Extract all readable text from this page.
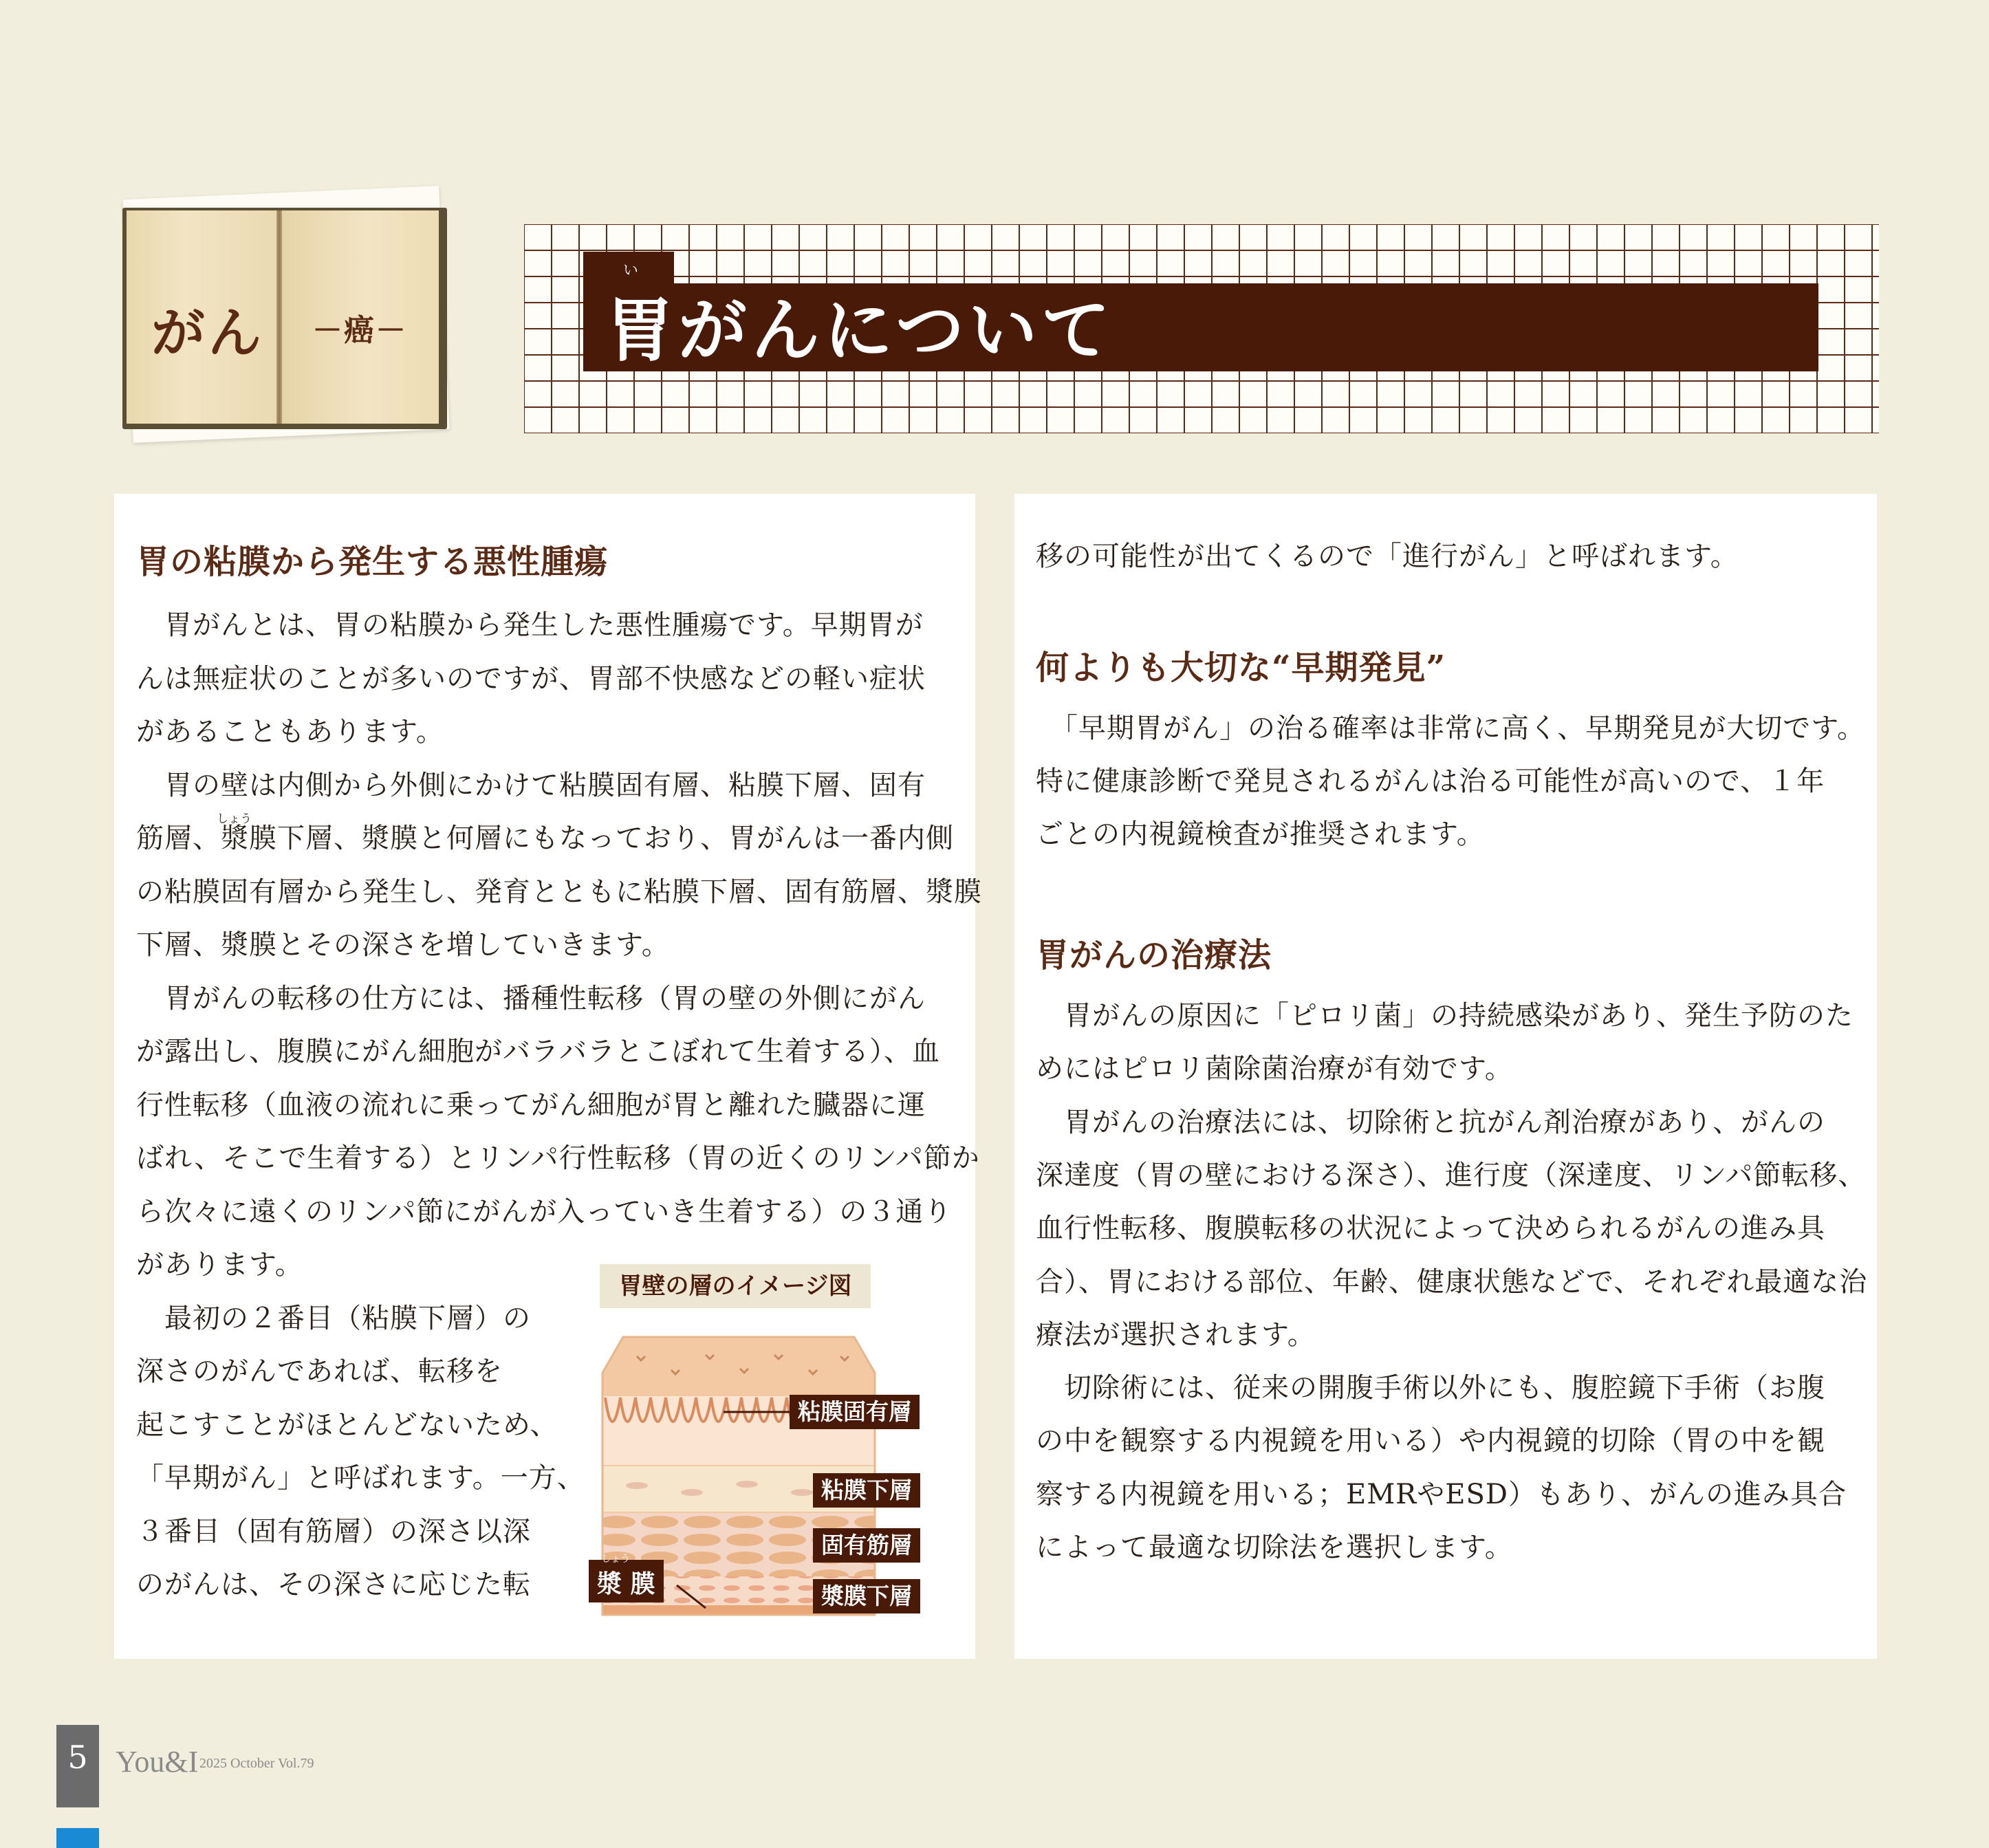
がん －癌－
い
胃がんについて
胃の粘膜から発生する悪性腫瘍
　胃がんとは、胃の粘膜から発生した悪性腫瘍です。早期胃が
んは無症状のことが多いのですが、胃部不快感などの軽い症状
があることもあります。
　胃の壁は内側から外側にかけて粘膜固有層、粘膜下層、固有
筋層、漿膜下層、漿膜と何層にもなっており、胃がんは一番内側
の粘膜固有層から発生し、発育とともに粘膜下層、固有筋層、漿膜
下層、漿膜とその深さを増していきます。
　胃がんの転移の仕方には、播種性転移（胃の壁の外側にがん
が露出し、腹膜にがん細胞がバラバラとこぼれて生着する）、血
行性転移（血液の流れに乗ってがん細胞が胃と離れた臓器に運
ばれ、そこで生着する）とリンパ行性転移（胃の近くのリンパ節か
ら次々に遠くのリンパ節にがんが入っていき生着する）の３通り
があります。
　最初の２番目（粘膜下層）の
深さのがんであれば、転移を
起こすことがほとんどないため、
「早期がん」と呼ばれます。一方、
３番目（固有筋層）の深さ以深
のがんは、その深さに応じた転
しょう
胃壁の層のイメージ図
粘膜固有層
粘膜下層
固有筋層
漿膜下層
漿 膜
しょう
移の可能性が出てくるので「進行がん」と呼ばれます。
何よりも大切な“早期発見”
　「早期胃がん」の治る確率は非常に高く、早期発見が大切です。
特に健康診断で発見されるがんは治る可能性が高いので、１年
ごとの内視鏡検査が推奨されます。
胃がんの治療法
　胃がんの原因に「ピロリ菌」の持続感染があり、発生予防のた
めにはピロリ菌除菌治療が有効です。
　胃がんの治療法には、切除術と抗がん剤治療があり、がんの
深達度（胃の壁における深さ）、進行度（深達度、リンパ節転移、
血行性転移、腹膜転移の状況によって決められるがんの進み具
合）、胃における部位、年齢、健康状態などで、それぞれ最適な治
療法が選択されます。
　切除術には、従来の開腹手術以外にも、腹腔鏡下手術（お腹
の中を観察する内視鏡を用いる）や内視鏡的切除（胃の中を観
察する内視鏡を用いる；EMRやESD）もあり、がんの進み具合
によって最適な切除法を選択します。
5 You&I 2025 October Vol.79
